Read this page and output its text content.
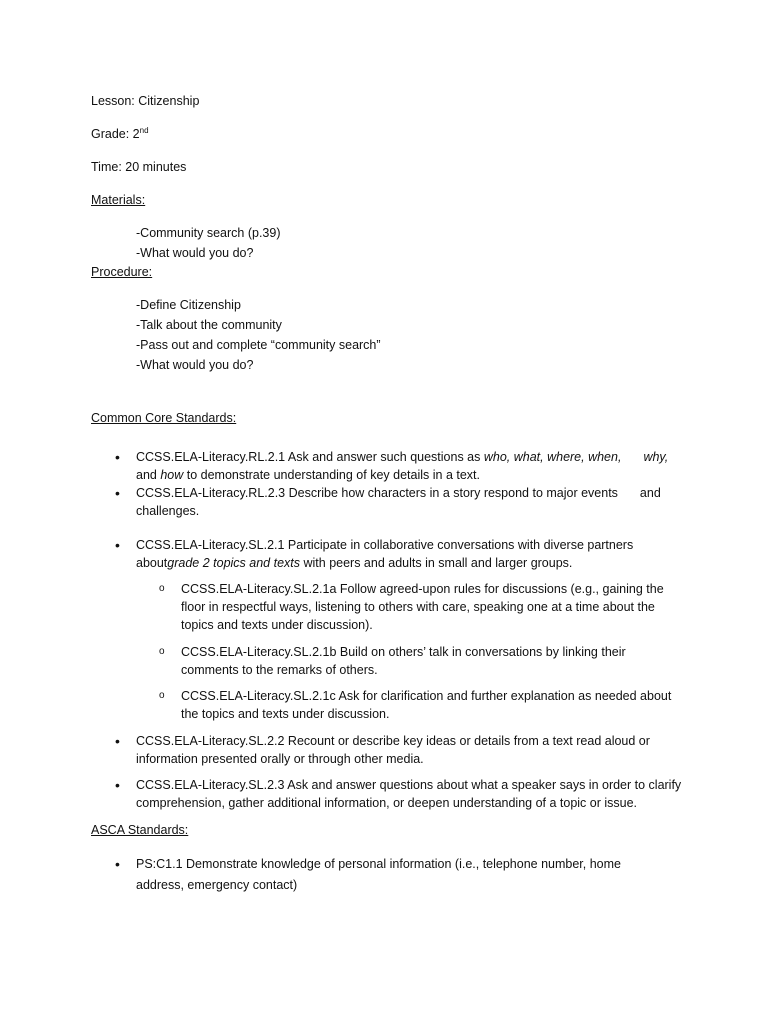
Lesson: Citizenship
Grade: 2nd
Time: 20 minutes
Materials:
-Community search (p.39)
-What would you do?
Procedure:
-Define Citizenship
-Talk about the community
-Pass out and complete “community search”
-What would you do?
Common Core Standards:
• CCSS.ELA-Literacy.RL.2.1 Ask and answer such questions as who, what, where, when, why,
and how to demonstrate understanding of key details in a text.
• CCSS.ELA-Literacy.RL.2.3 Describe how characters in a story respond to major events and
challenges.
• CCSS.ELA-Literacy.SL.2.1 Participate in collaborative conversations with diverse partners
aboutgrade 2 topics and texts with peers and adults in small and larger groups.
o CCSS.ELA-Literacy.SL.2.1a Follow agreed-upon rules for discussions (e.g., gaining the
floor in respectful ways, listening to others with care, speaking one at a time about the
topics and texts under discussion).
o CCSS.ELA-Literacy.SL.2.1b Build on others’ talk in conversations by linking their
comments to the remarks of others.
o CCSS.ELA-Literacy.SL.2.1c Ask for clarification and further explanation as needed about
the topics and texts under discussion.
• CCSS.ELA-Literacy.SL.2.2 Recount or describe key ideas or details from a text read aloud or
information presented orally or through other media.
• CCSS.ELA-Literacy.SL.2.3 Ask and answer questions about what a speaker says in order to clarify
comprehension, gather additional information, or deepen understanding of a topic or issue.
ASCA Standards:
• PS:C1.1 Demonstrate knowledge of personal information (i.e., telephone number, home
address, emergency contact)
